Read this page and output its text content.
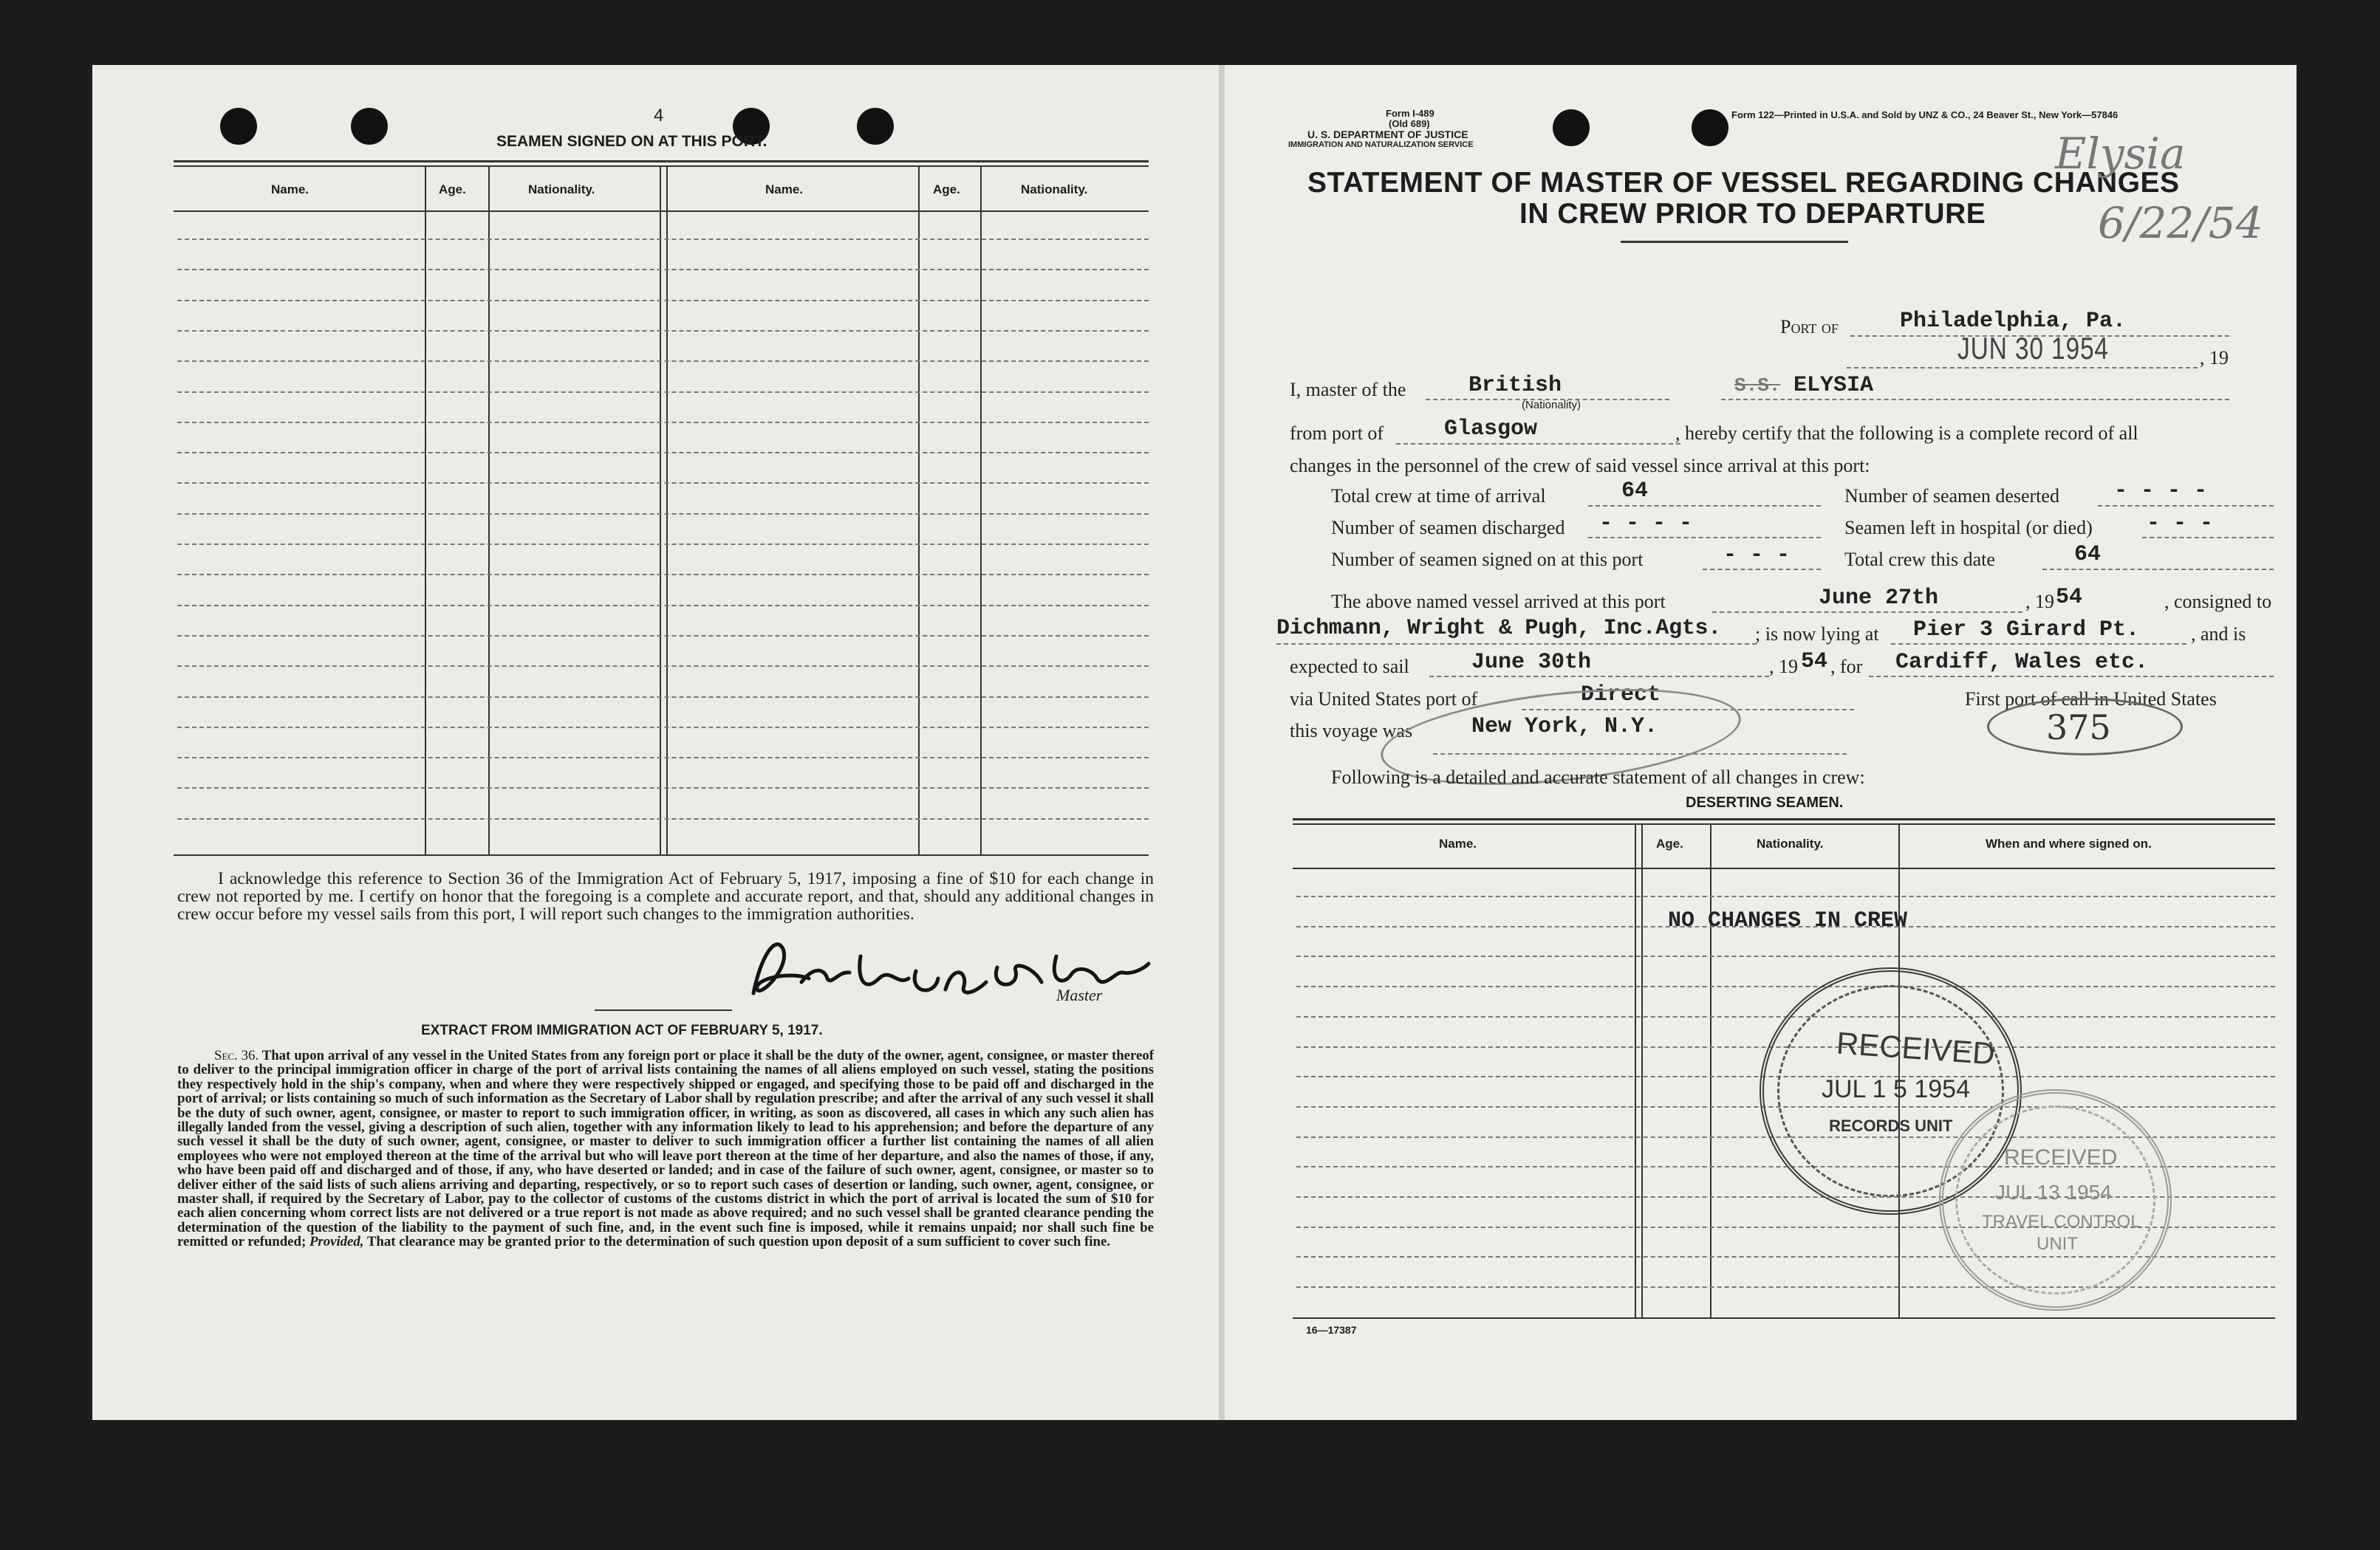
4
SEAMEN SIGNED ON AT THIS PORT.
Name.	Age.	Nationality.	Name.	Age.	Nationality.
I acknowledge this reference to Section 36 of the Immigration Act of February 5, 1917, imposing a fine of $10 for each change in crew not reported by me. I certify on honor that the foregoing is a complete and accurate report, and that, should any additional changes in crew occur before my vessel sails from this port, I will report such changes to the immigration authorities.
Master
EXTRACT FROM IMMIGRATION ACT OF FEBRUARY 5, 1917.
Sec. 36. That upon arrival of any vessel in the United States from any foreign port or place it shall be the duty of the owner, agent, consignee, or master thereof to deliver to the principal immigration officer in charge of the port of arrival lists containing the names of all aliens employed on such vessel, stating the positions they respectively hold in the ship's company, when and where they were respectively shipped or engaged, and specifying those to be paid off and discharged in the port of arrival; or lists containing so much of such information as the Secretary of Labor shall by regulation prescribe; and after the arrival of any such vessel it shall be the duty of such owner, agent, consignee, or master to report to such immigration officer, in writing, as soon as discovered, all cases in which any such alien has illegally landed from the vessel, giving a description of such alien, together with any information likely to lead to his apprehension; and before the departure of any such vessel it shall be the duty of such owner, agent, consignee, or master to deliver to such immigration officer a further list containing the names of all alien employees who were not employed thereon at the time of the arrival but who will leave port thereon at the time of her departure, and also the names of those, if any, who have been paid off and discharged and of those, if any, who have deserted or landed; and in case of the failure of such owner, agent, consignee, or master so to deliver either of the said lists of such aliens arriving and departing, respectively, or so to report such cases of desertion or landing, such owner, agent, consignee, or master shall, if required by the Secretary of Labor, pay to the collector of customs of the customs district in which the port of arrival is located the sum of $10 for each alien concerning whom correct lists are not delivered or a true report is not made as above required; and no such vessel shall be granted clearance pending the determination of the question of the liability to the payment of such fine, and, in the event such fine is imposed, while it remains unpaid; nor shall such fine be remitted or refunded; Provided, That clearance may be granted prior to the determination of such question upon deposit of a sum sufficient to cover such fine.
Form I-489
(Old 689)
U. S. DEPARTMENT OF JUSTICE
IMMIGRATION AND NATURALIZATION SERVICE
Form 122—Printed in U.S.A. and Sold by UNZ & CO., 24 Beaver St., New York—57846
STATEMENT OF MASTER OF VESSEL REGARDING CHANGES
IN CREW PRIOR TO DEPARTURE
Elysia
6/22/54
Port of	Philadelphia, Pa.
JUN 30 1954	, 19
I, master of the	British
(Nationality)
S.S. ELYSIA
from port of	Glasgow	, hereby certify that the following is a complete record of all
changes in the personnel of the crew of said vessel since arrival at this port:
Total crew at time of arrival	64	Number of seamen deserted - - - -
Number of seamen discharged - - - -	Seamen left in hospital (or died) - - -
Number of seamen signed on at this port	- - -	Total crew this date	64
The above named vessel arrived at this port	June 27th	, 19 54	, consigned to
Dichmann, Wright & Pugh, Inc.Agts. ; is now lying at Pier 3 Girard Pt.	, and is
expected to sail	June 30th	, 19 54 , for Cardiff, Wales etc.
via United States port of	Direct	First port of call in United States
this voyage was	New York, N.Y.	375
Following is a detailed and accurate statement of all changes in crew:
DESERTING SEAMEN.
Name.	Age.	Nationality.	When and where signed on.
NO CHANGES IN CREW
RECEIVED
JUL 1 5 1954
RECORDS UNIT
RECEIVED
JUL 13 1954
TRAVEL CONTROL
UNIT
16—17387
